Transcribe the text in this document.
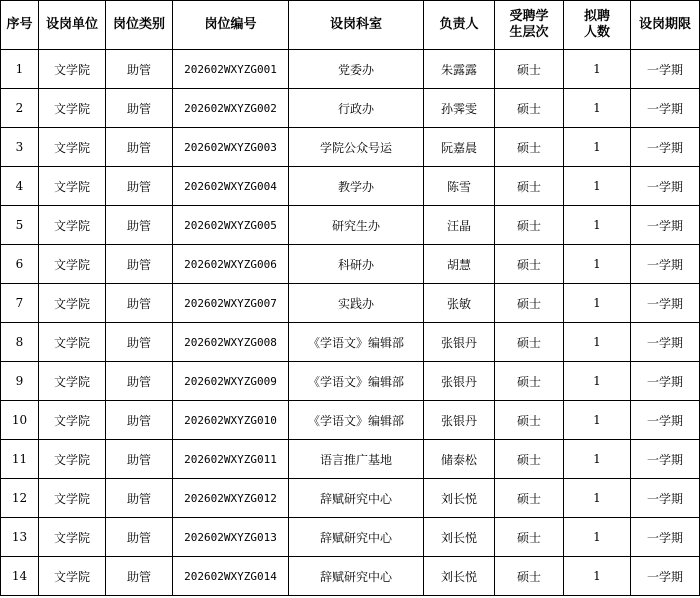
序号	设岗单位	岗位类别	岗位编号	设岗科室	负责人	受聘学生层次	拟聘人数	设岗期限
1	文学院	助管	202602WXYZG001	党委办	朱露露	硕士	1	一学期
2	文学院	助管	202602WXYZG002	行政办	孙霁雯	硕士	1	一学期
3	文学院	助管	202602WXYZG003	学院公众号运	阮嘉晨	硕士	1	一学期
4	文学院	助管	202602WXYZG004	教学办	陈雪	硕士	1	一学期
5	文学院	助管	202602WXYZG005	研究生办	汪晶	硕士	1	一学期
6	文学院	助管	202602WXYZG006	科研办	胡慧	硕士	1	一学期
7	文学院	助管	202602WXYZG007	实践办	张敏	硕士	1	一学期
8	文学院	助管	202602WXYZG008	《学语文》编辑部	张银丹	硕士	1	一学期
9	文学院	助管	202602WXYZG009	《学语文》编辑部	张银丹	硕士	1	一学期
10	文学院	助管	202602WXYZG010	《学语文》编辑部	张银丹	硕士	1	一学期
11	文学院	助管	202602WXYZG011	语言推广基地	储泰松	硕士	1	一学期
12	文学院	助管	202602WXYZG012	辞赋研究中心	刘长悦	硕士	1	一学期
13	文学院	助管	202602WXYZG013	辞赋研究中心	刘长悦	硕士	1	一学期
14	文学院	助管	202602WXYZG014	辞赋研究中心	刘长悦	硕士	1	一学期
